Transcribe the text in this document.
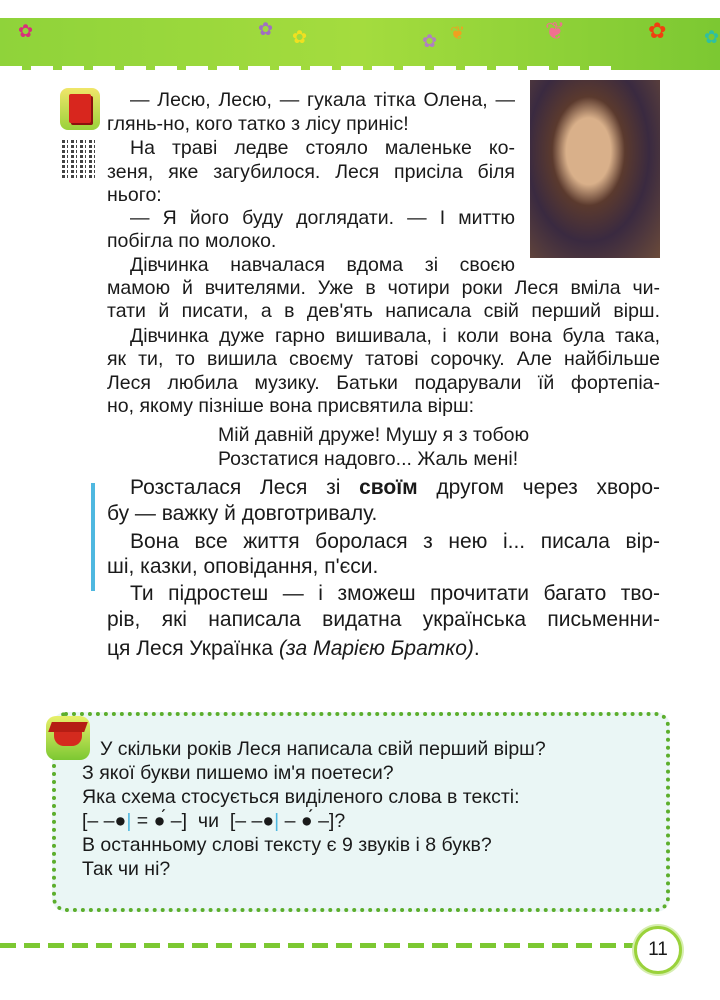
✿	✿ ✿	✿ ❦	❦	✿ ✿
— Лесю, Лесю, — гукала тітка Олена, —
глянь-но, кого татко з лісу приніс!
На траві ледве стояло маленьке ко-
зеня, яке загубилося. Леся присіла біля
нього:
— Я його буду доглядати. — І миттю
побігла по молоко.
Дівчинка навчалася вдома зі своєю
мамою й вчителями. Уже в чотири роки Леся вміла чи-
тати й писати, а в дев'ять написала свій перший вірш.
Дівчинка дуже гарно вишивала, і коли вона була така,
як ти, то вишила своєму татові сорочку. Але найбільше
Леся любила музику. Батьки подарували їй фортепіа-
но, якому пізніше вона присвятила вірш:
Мій давній друже! Мушу я з тобою
Розстатися надовго... Жаль мені!
Розсталася Леся зі своїм другом через хворо-
бу — важку й довготривалу.
Вона все життя боролася з нею і... писала вір-
ші, казки, оповідання, п'єси.
Ти підростеш — і зможеш прочитати багато тво-
рів, які написала видатна українська письменни-
ця Леся Українка (за Марією Братко).
У скільки років Леся написала свій перший вірш?
З якої букви пишемо ім'я поетеси?
Яка схема стосується виділеного слова в тексті:
[– –●| = ●́ –]  чи  [– –●| – ●́ –]?
В останньому слові тексту є 9 звуків і 8 букв?
Так чи ні?
11
